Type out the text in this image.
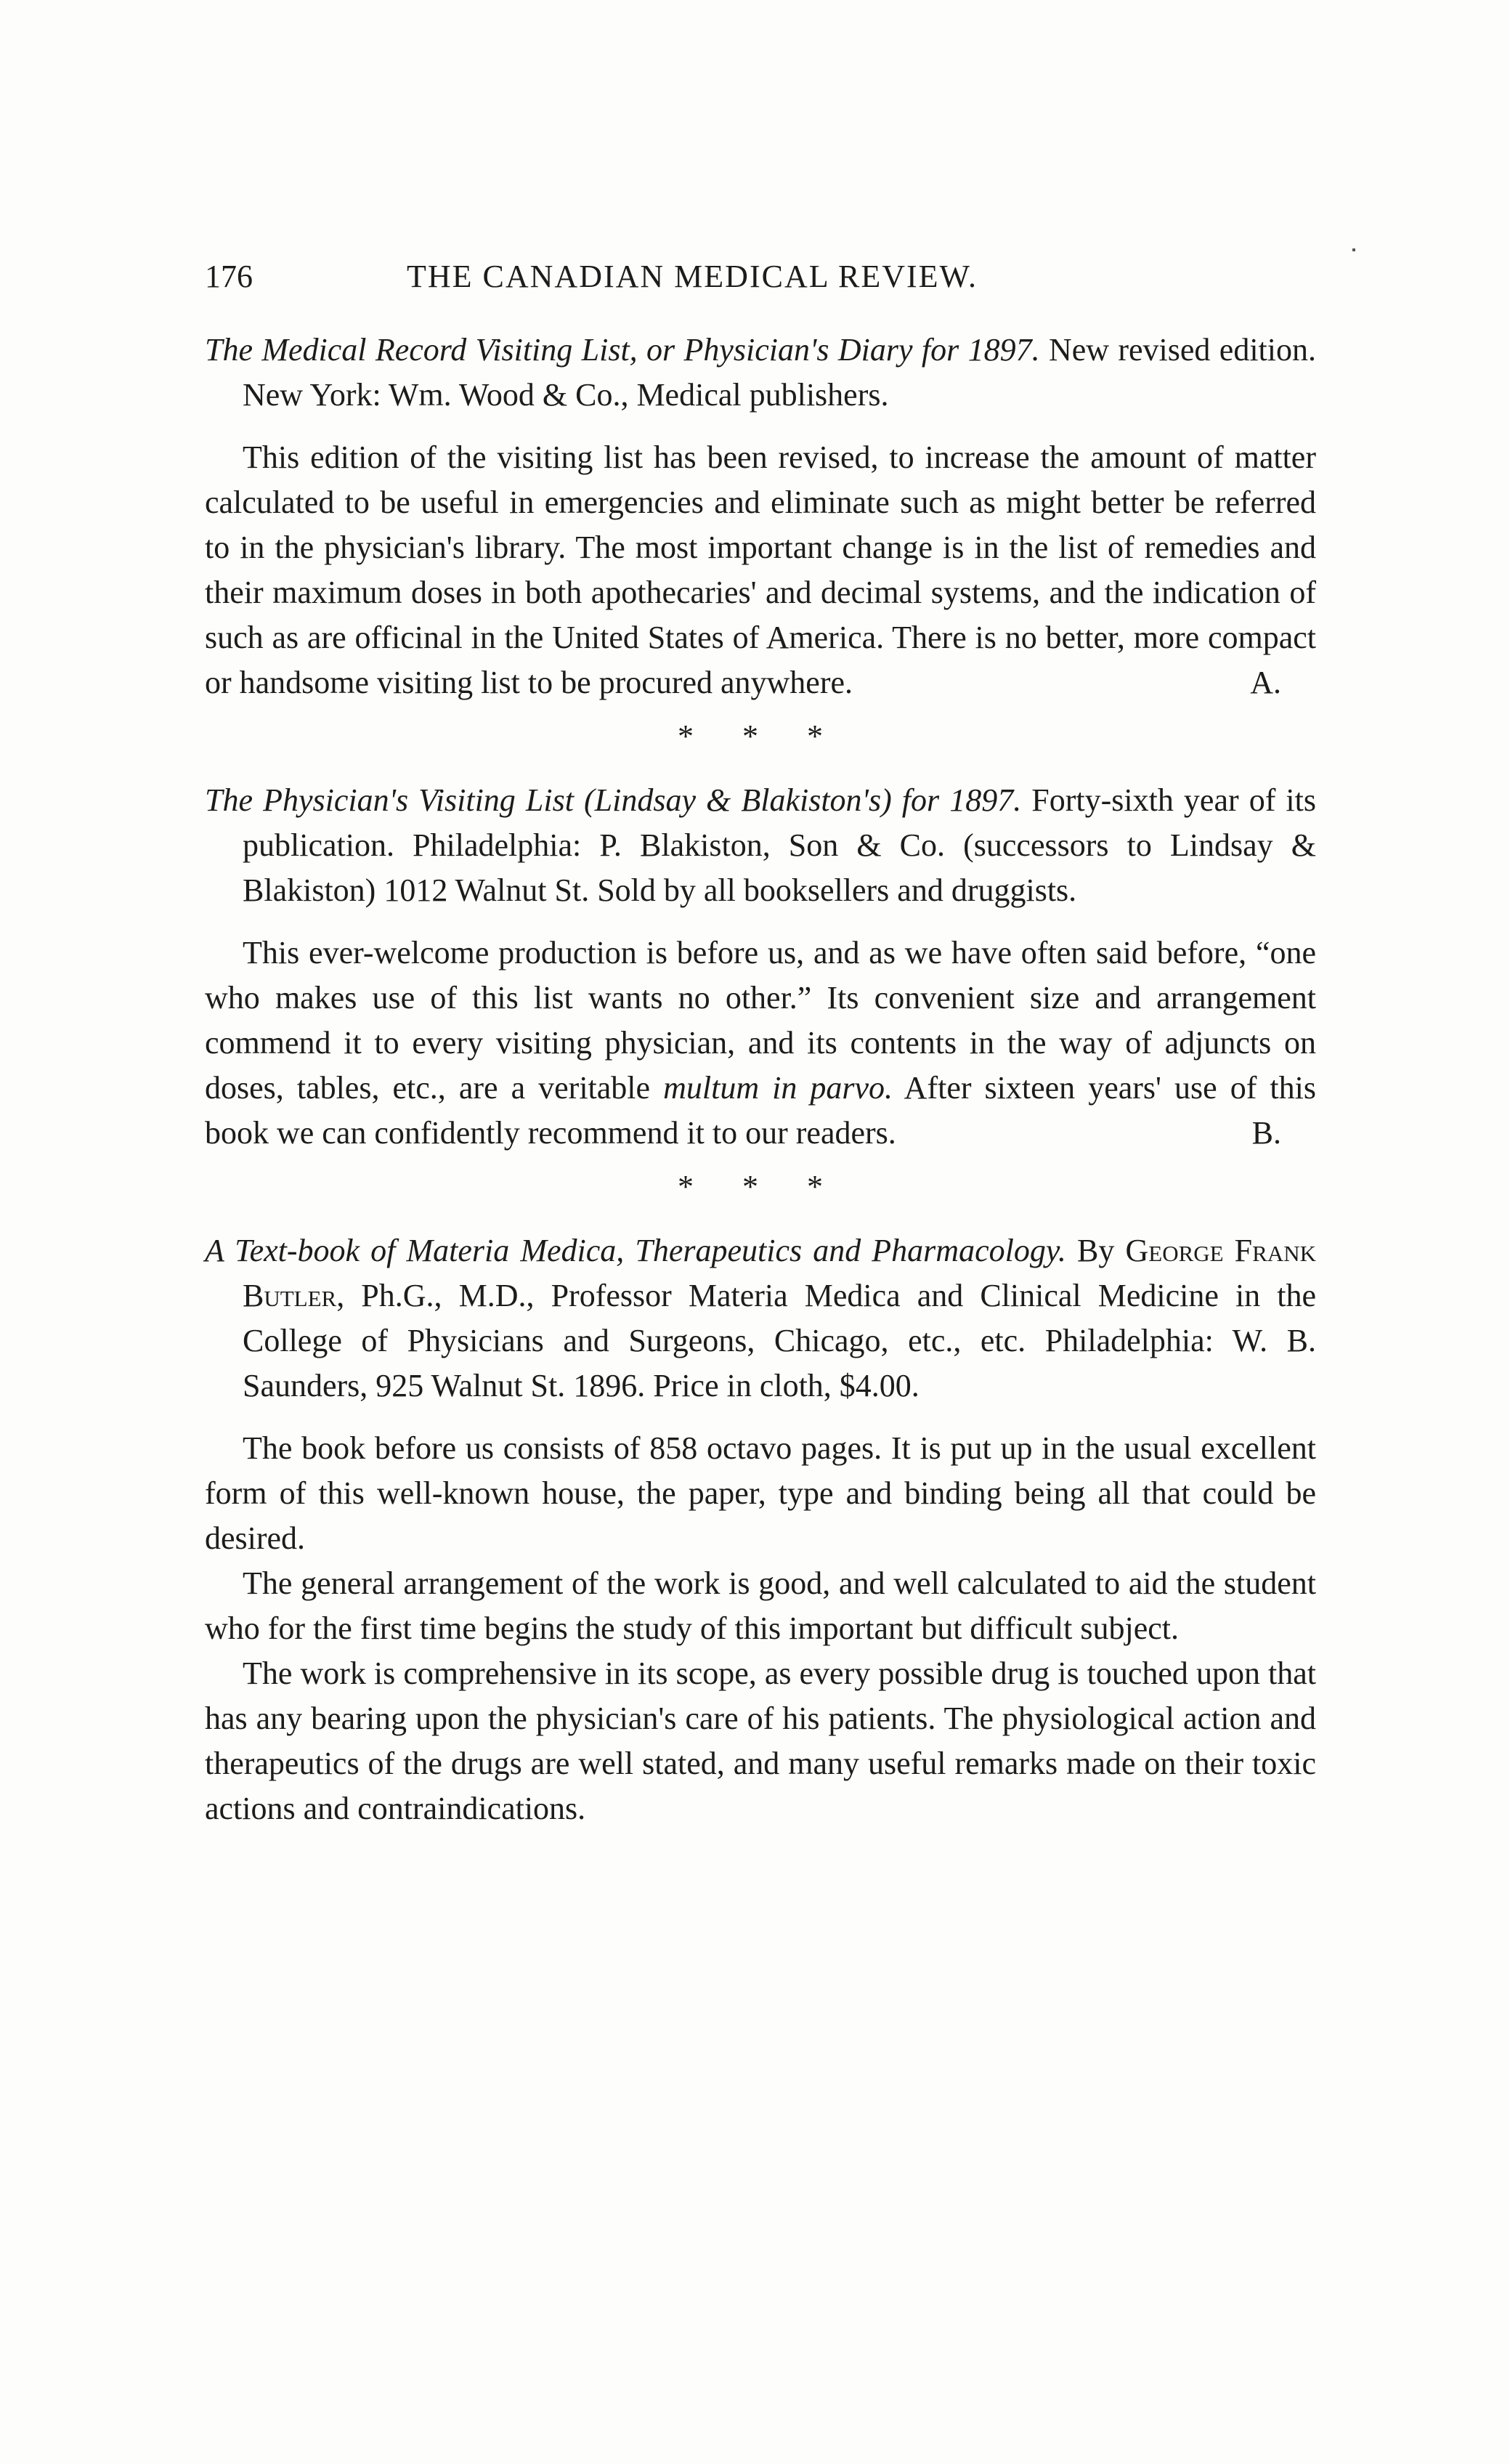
176	THE CANADIAN MEDICAL REVIEW.
The Medical Record Visiting List, or Physician's Diary for 1897. New revised edition. New York: Wm. Wood & Co., Medical publishers.

This edition of the visiting list has been revised, to increase the amount of matter calculated to be useful in emergencies and eliminate such as might better be referred to in the physician's library. The most important change is in the list of remedies and their maximum doses in both apothecaries' and decimal systems, and the indication of such as are officinal in the United States of America. There is no better, more compact or handsome visiting list to be procured anywhere.	A.

* * *
The Physician's Visiting List (Lindsay & Blakiston's) for 1897. Forty-sixth year of its publication. Philadelphia: P. Blakiston, Son & Co. (successors to Lindsay & Blakiston) 1012 Walnut St. Sold by all booksellers and druggists.

This ever-welcome production is before us, and as we have often said before, “one who makes use of this list wants no other.” Its convenient size and arrangement commend it to every visiting physician, and its contents in the way of adjuncts on doses, tables, etc., are a veritable multum in parvo. After sixteen years' use of this book we can confidently recommend it to our readers.	B.

* * *
A Text-book of Materia Medica, Therapeutics and Pharmacology. By George Frank Butler, Ph.G., M.D., Professor Materia Medica and Clinical Medicine in the College of Physicians and Surgeons, Chicago, etc., etc. Philadelphia: W. B. Saunders, 925 Walnut St. 1896. Price in cloth, $4.00.

The book before us consists of 858 octavo pages. It is put up in the usual excellent form of this well-known house, the paper, type and binding being all that could be desired.

The general arrangement of the work is good, and well calculated to aid the student who for the first time begins the study of this important but difficult subject.

The work is comprehensive in its scope, as every possible drug is touched upon that has any bearing upon the physician's care of his patients. The physiological action and therapeutics of the drugs are well stated, and many useful remarks made on their toxic actions and contraindications.
